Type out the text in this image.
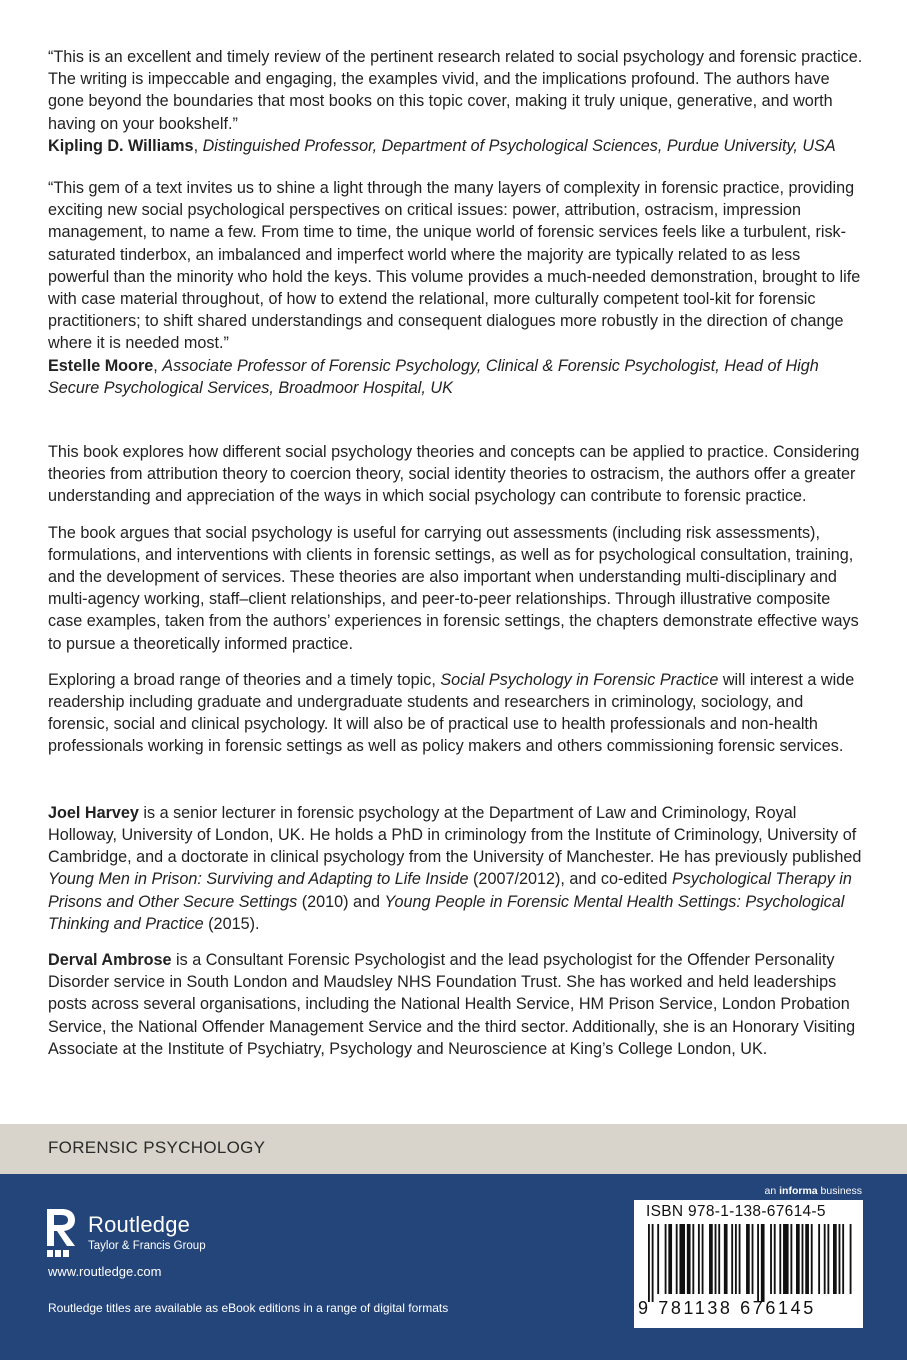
“This is an excellent and timely review of the pertinent research related to social psychology and forensic practice. The writing is impeccable and engaging, the examples vivid, and the implications profound. The authors have gone beyond the boundaries that most books on this topic cover, making it truly unique, generative, and worth having on your bookshelf.”

Kipling D. Williams, Distinguished Professor, Department of Psychological Sciences, Purdue University, USA

“This gem of a text invites us to shine a light through the many layers of complexity in forensic practice, providing exciting new social psychological perspectives on critical issues: power, attribution, ostracism, impression management, to name a few. From time to time, the unique world of forensic services feels like a turbulent, risk-saturated tinderbox, an imbalanced and imperfect world where the majority are typically related to as less powerful than the minority who hold the keys. This volume provides a much-needed demonstration, brought to life with case material throughout, of how to extend the relational, more culturally competent tool-kit for forensic practitioners; to shift shared understandings and consequent dialogues more robustly in the direction of change where it is needed most.”

Estelle Moore, Associate Professor of Forensic Psychology, Clinical & Forensic Psychologist, Head of High Secure Psychological Services, Broadmoor Hospital, UK

This book explores how different social psychology theories and concepts can be applied to practice. Considering theories from attribution theory to coercion theory, social identity theories to ostracism, the authors offer a greater understanding and appreciation of the ways in which social psychology can contribute to forensic practice.

The book argues that social psychology is useful for carrying out assessments (including risk assessments), formulations, and interventions with clients in forensic settings, as well as for psychological consultation, training, and the development of services. These theories are also important when understanding multi-disciplinary and multi-agency working, staff–client relationships, and peer-to-peer relationships. Through illustrative composite case examples, taken from the authors’ experiences in forensic settings, the chapters demonstrate effective ways to pursue a theoretically informed practice.

Exploring a broad range of theories and a timely topic, Social Psychology in Forensic Practice will interest a wide readership including graduate and undergraduate students and researchers in criminology, sociology, and forensic, social and clinical psychology. It will also be of practical use to health professionals and non-health professionals working in forensic settings as well as policy makers and others commissioning forensic services.

Joel Harvey is a senior lecturer in forensic psychology at the Department of Law and Criminology, Royal Holloway, University of London, UK. He holds a PhD in criminology from the Institute of Criminology, University of Cambridge, and a doctorate in clinical psychology from the University of Manchester. He has previously published Young Men in Prison: Surviving and Adapting to Life Inside (2007/2012), and co-edited Psychological Therapy in Prisons and Other Secure Settings (2010) and Young People in Forensic Mental Health Settings: Psychological Thinking and Practice (2015).

Derval Ambrose is a Consultant Forensic Psychologist and the lead psychologist for the Offender Personality Disorder service in South London and Maudsley NHS Foundation Trust. She has worked and held leaderships posts across several organisations, including the National Health Service, HM Prison Service, London Probation Service, the National Offender Management Service and the third sector. Additionally, she is an Honorary Visiting Associate at the Institute of Psychiatry, Psychology and Neuroscience at King’s College London, UK.

FORENSIC PSYCHOLOGY
an informa business
Routledge
Taylor & Francis Group
www.routledge.com
Routledge titles are available as eBook editions in a range of digital formats
ISBN 978-1-138-67614-5
9 781138 676145
